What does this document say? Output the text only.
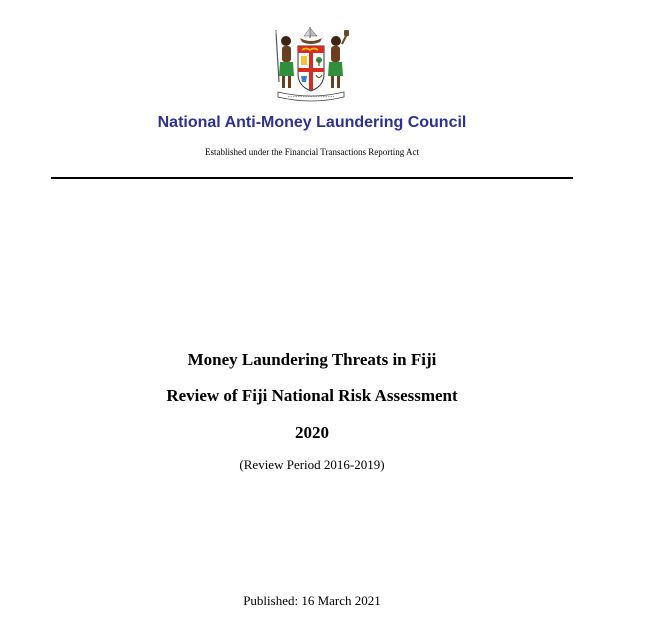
National Anti-Money Laundering Council
Established under the Financial Transactions Reporting Act
Money Laundering Threats in Fiji
Review of Fiji National Risk Assessment
2020
(Review Period 2016-2019)
Published: 16 March 2021
